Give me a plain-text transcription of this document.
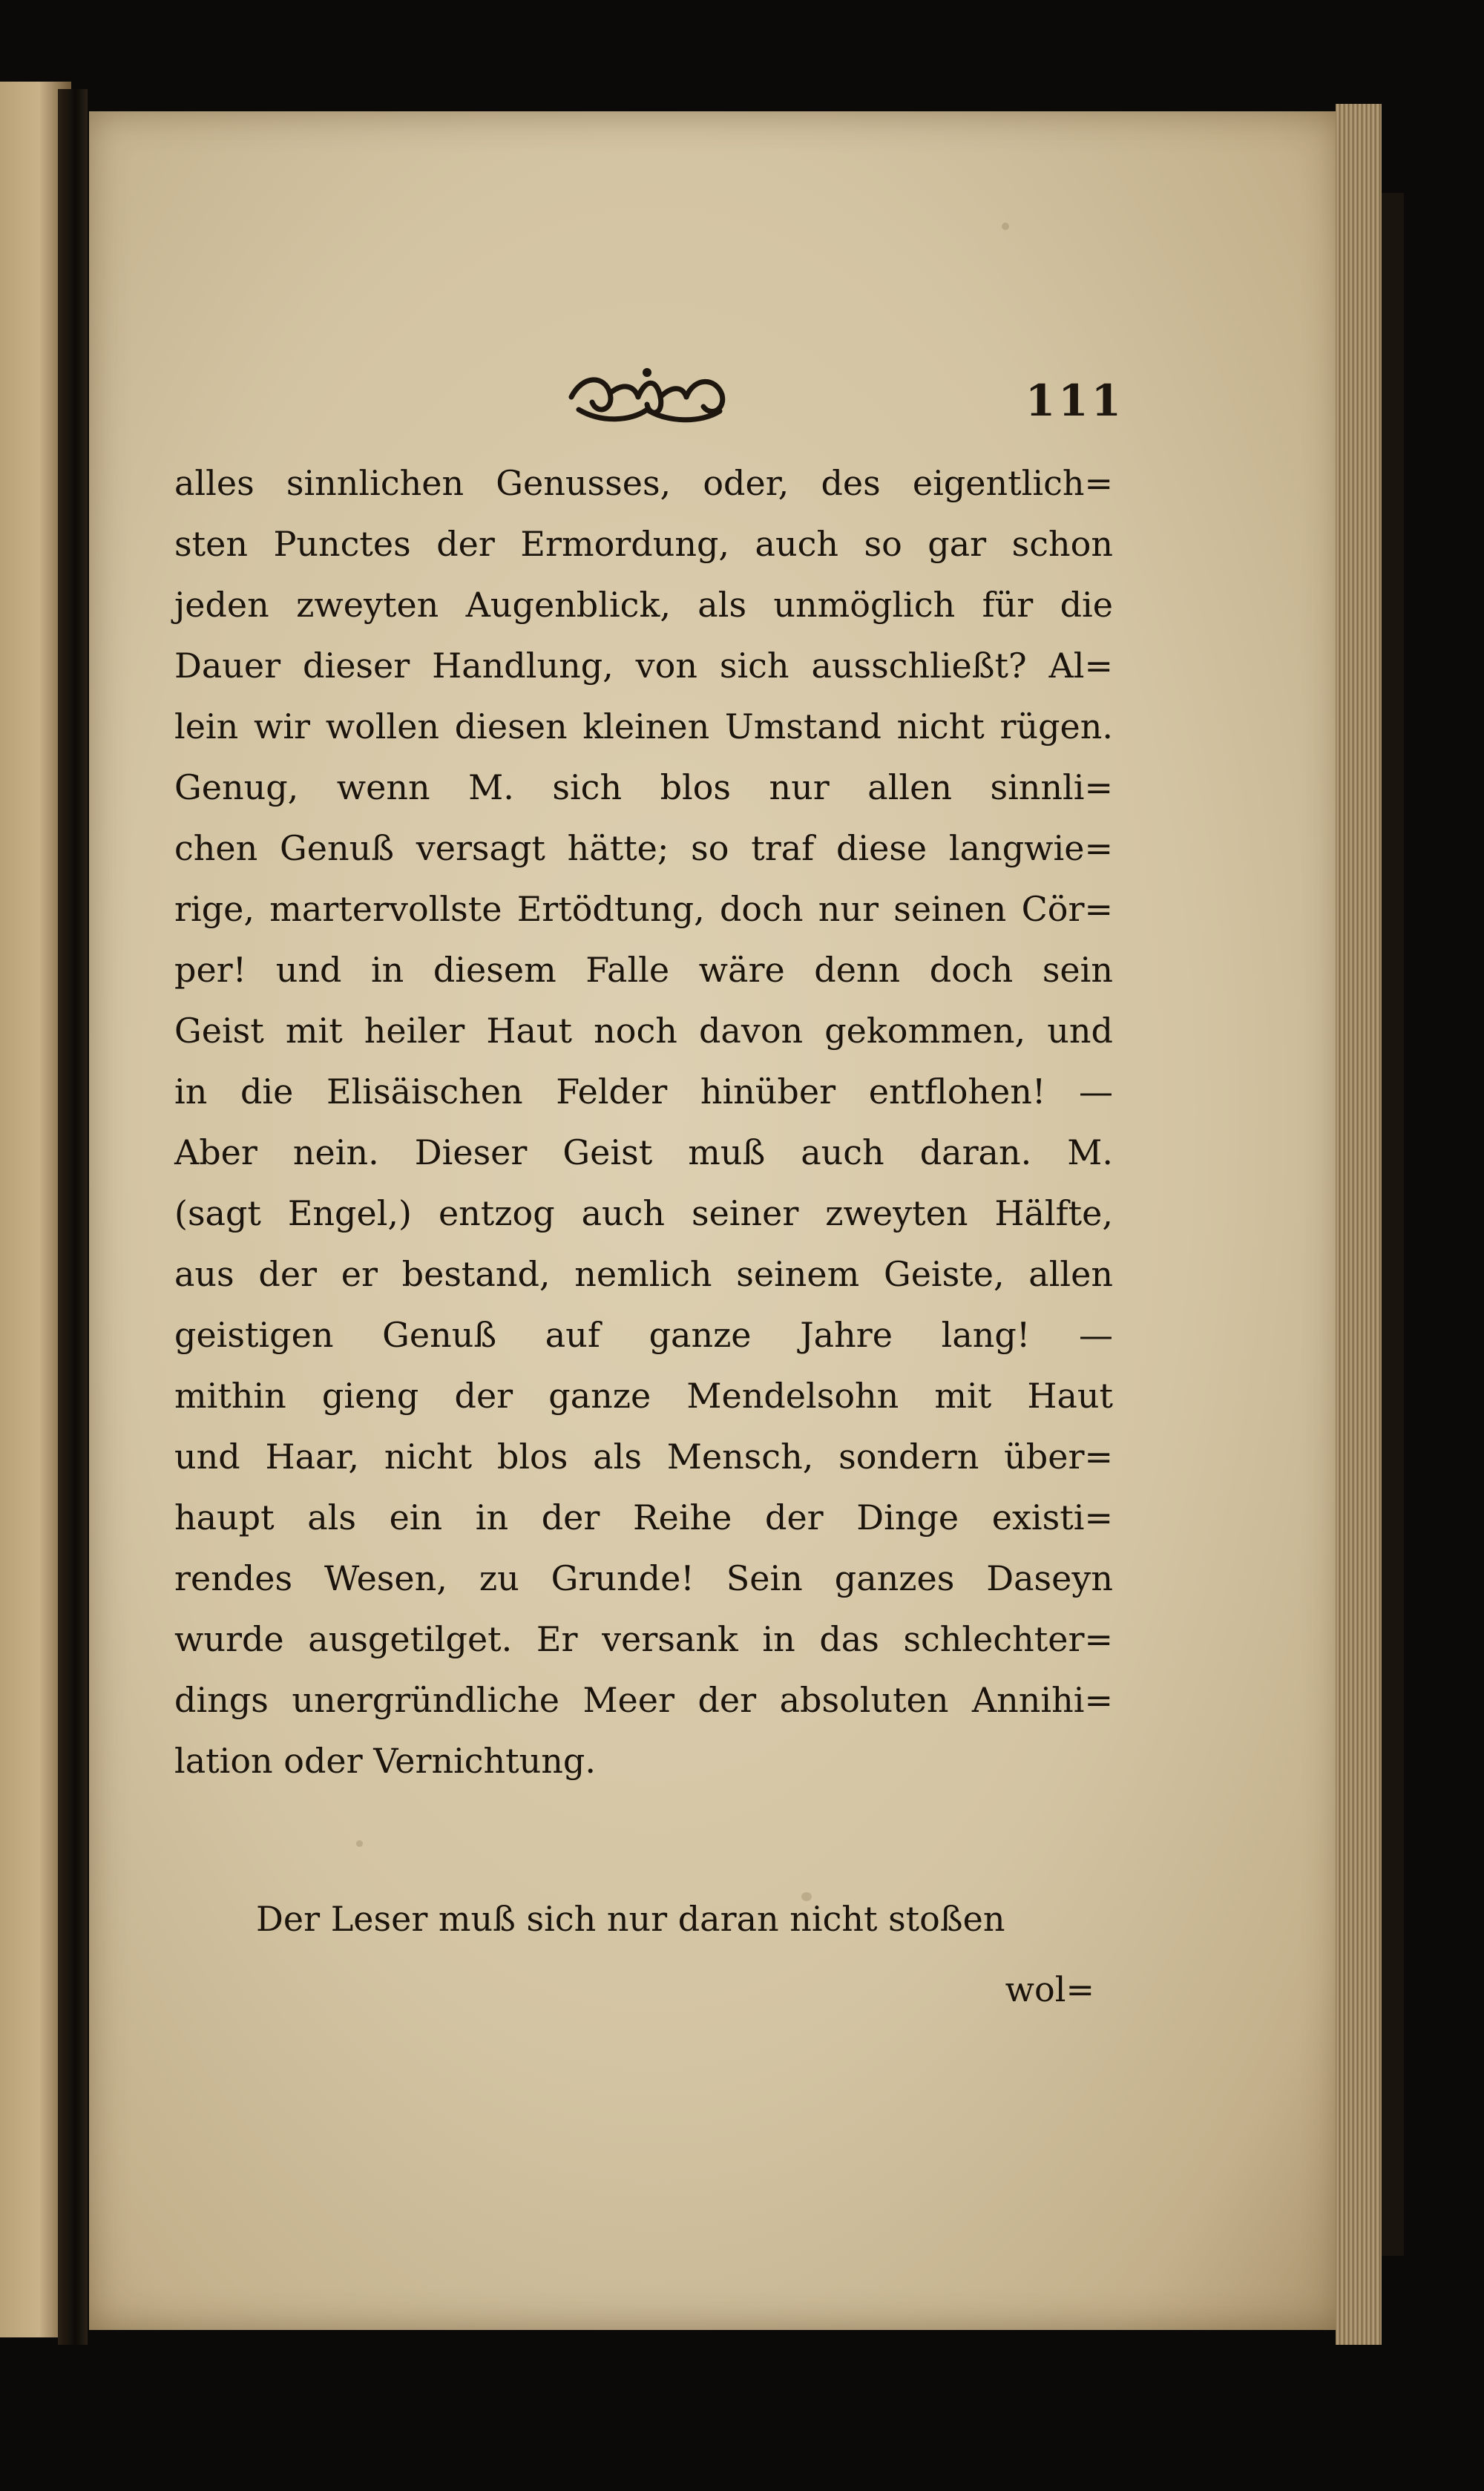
111
alles sinnlichen Genusses, oder, des eigentlich=
sten Punctes der Ermordung, auch so gar schon
jeden zweyten Augenblick, als unmöglich für die
Dauer dieser Handlung, von sich ausschließt? Al=
lein wir wollen diesen kleinen Umstand nicht rügen.
Genug, wenn M. sich blos nur allen sinnli=
chen Genuß versagt hätte; so traf diese langwie=
rige, martervollste Ertödtung, doch nur seinen Cör=
per! und in diesem Falle wäre denn doch sein
Geist mit heiler Haut noch davon gekommen, und
in die Elisäischen Felder hinüber entflohen! —
Aber nein. Dieser Geist muß auch daran. M.
(sagt Engel,) entzog auch seiner zweyten Hälfte,
aus der er bestand, nemlich seinem Geiste, allen
geistigen Genuß auf ganze Jahre lang! —
mithin gieng der ganze Mendelsohn mit Haut
und Haar, nicht blos als Mensch, sondern über=
haupt als ein in der Reihe der Dinge existi=
rendes Wesen, zu Grunde! Sein ganzes Daseyn
wurde ausgetilget. Er versank in das schlechter=
dings unergründliche Meer der absoluten Annihi=
lation oder Vernichtung.
Der Leser muß sich nur daran nicht stoßen
wol=
